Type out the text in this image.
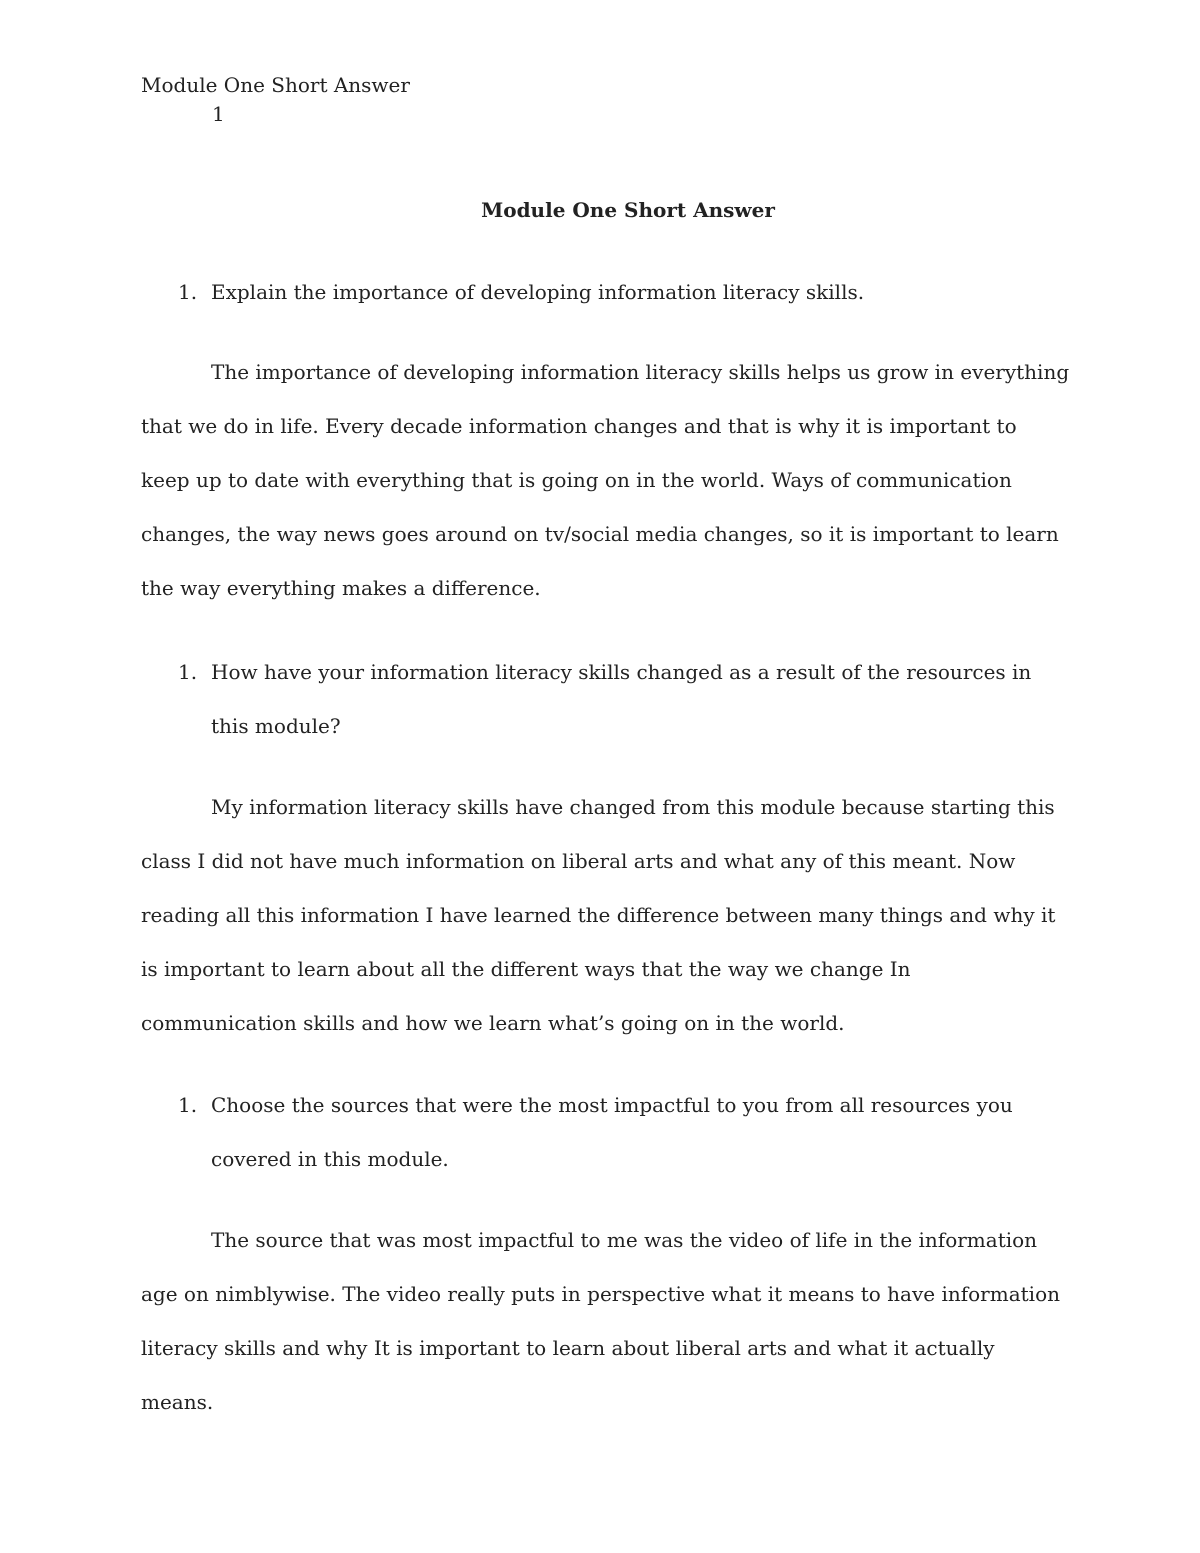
Module One Short Answer
1
Module One Short Answer
1. Explain the importance of developing information literacy skills.

The importance of developing information literacy skills helps us grow in everything that we do in life. Every decade information changes and that is why it is important to keep up to date with everything that is going on in the world. Ways of communication changes, the way news goes around on tv/social media changes, so it is important to learn the way everything makes a difference.

1. How have your information literacy skills changed as a result of the resources in this module?

My information literacy skills have changed from this module because starting this class I did not have much information on liberal arts and what any of this meant. Now reading all this information I have learned the difference between many things and why it is important to learn about all the different ways that the way we change In communication skills and how we learn what’s going on in the world.

1. Choose the sources that were the most impactful to you from all resources you covered in this module.

The source that was most impactful to me was the video of life in the information age on nimblywise. The video really puts in perspective what it means to have information literacy skills and why It is important to learn about liberal arts and what it actually means.
